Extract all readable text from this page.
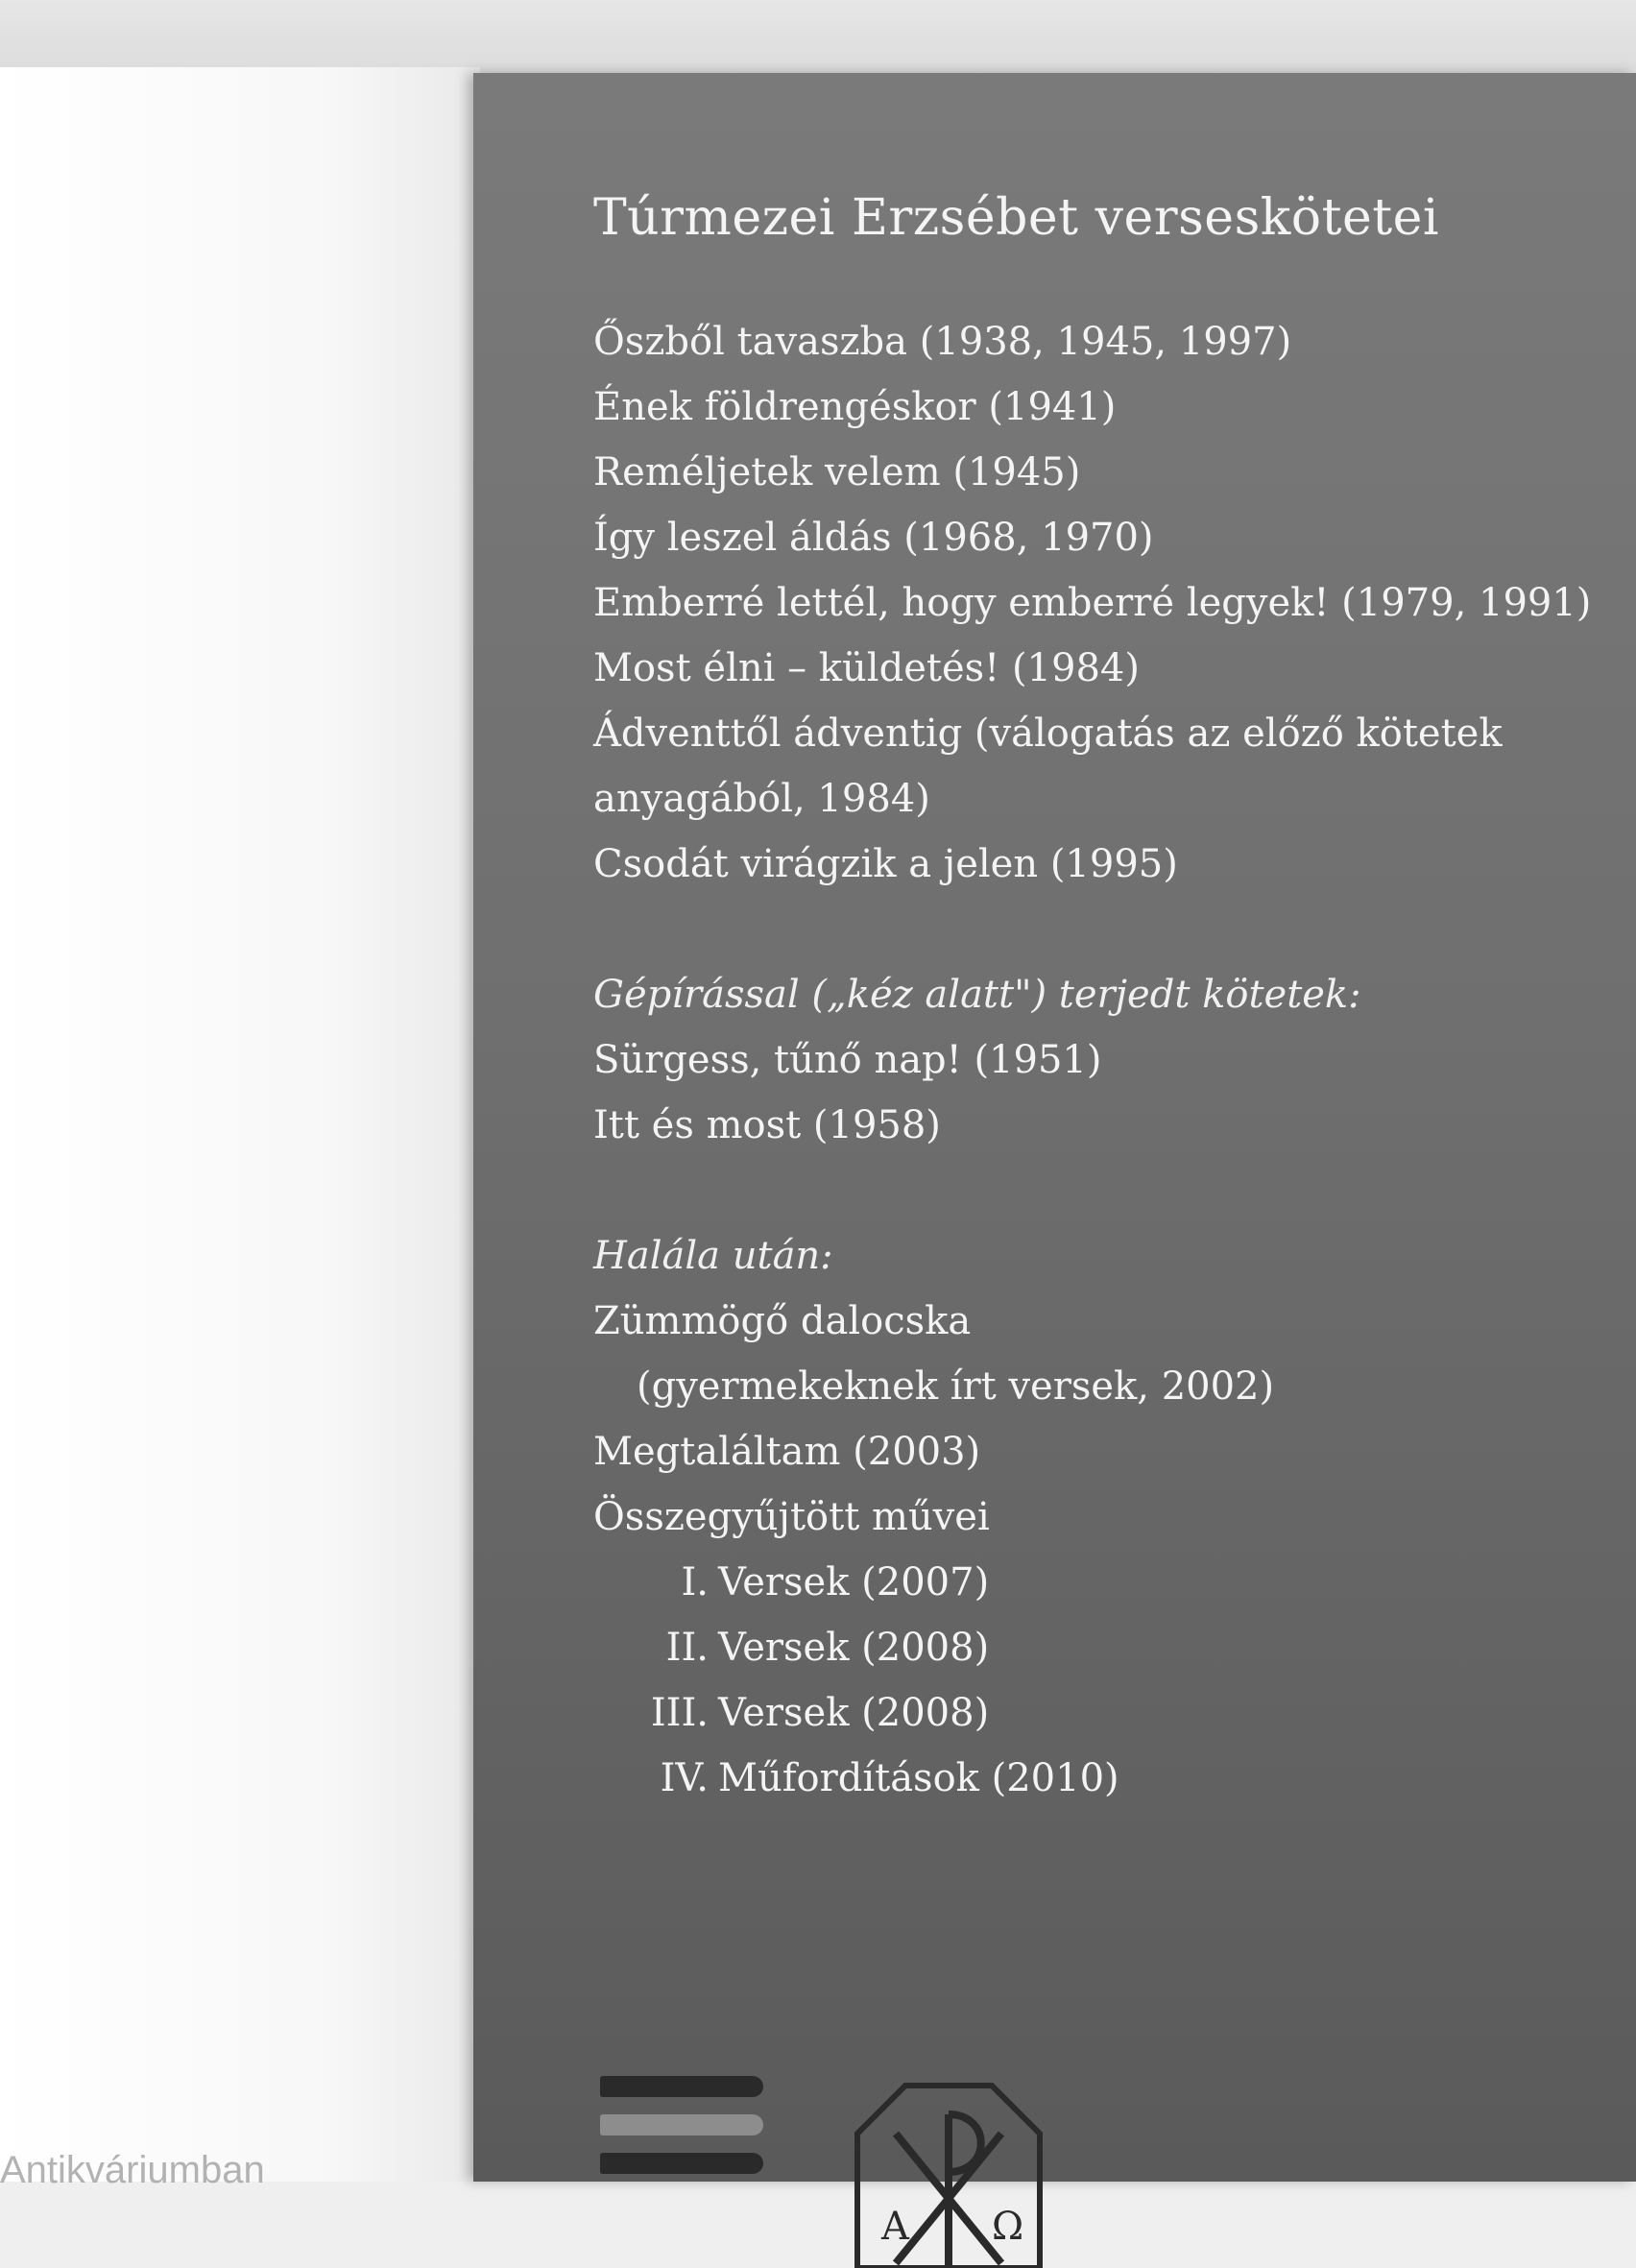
Antikváriumban
Túrmezei Erzsébet verseskötetei
Őszből tavaszba (1938, 1945, 1997)
Ének földrengéskor (1941)
Reméljetek velem (1945)
Így leszel áldás (1968, 1970)
Emberré lettél, hogy emberré legyek! (1979, 1991)
Most élni – küldetés! (1984)
Ádventtől ádventig (válogatás az előző kötetek
anyagából, 1984)
Csodát virágzik a jelen (1995)
Gépírással („kéz alatt") terjedt kötetek:
Sürgess, tűnő nap! (1951)
Itt és most (1958)
Halála után:
Zümmögő dalocska
(gyermekeknek írt versek, 2002)
Megtaláltam (2003)
Összegyűjtött művei
I. Versek (2007)
II. Versek (2008)
III. Versek (2008)
IV. Műfordítások (2010)
A Ω
